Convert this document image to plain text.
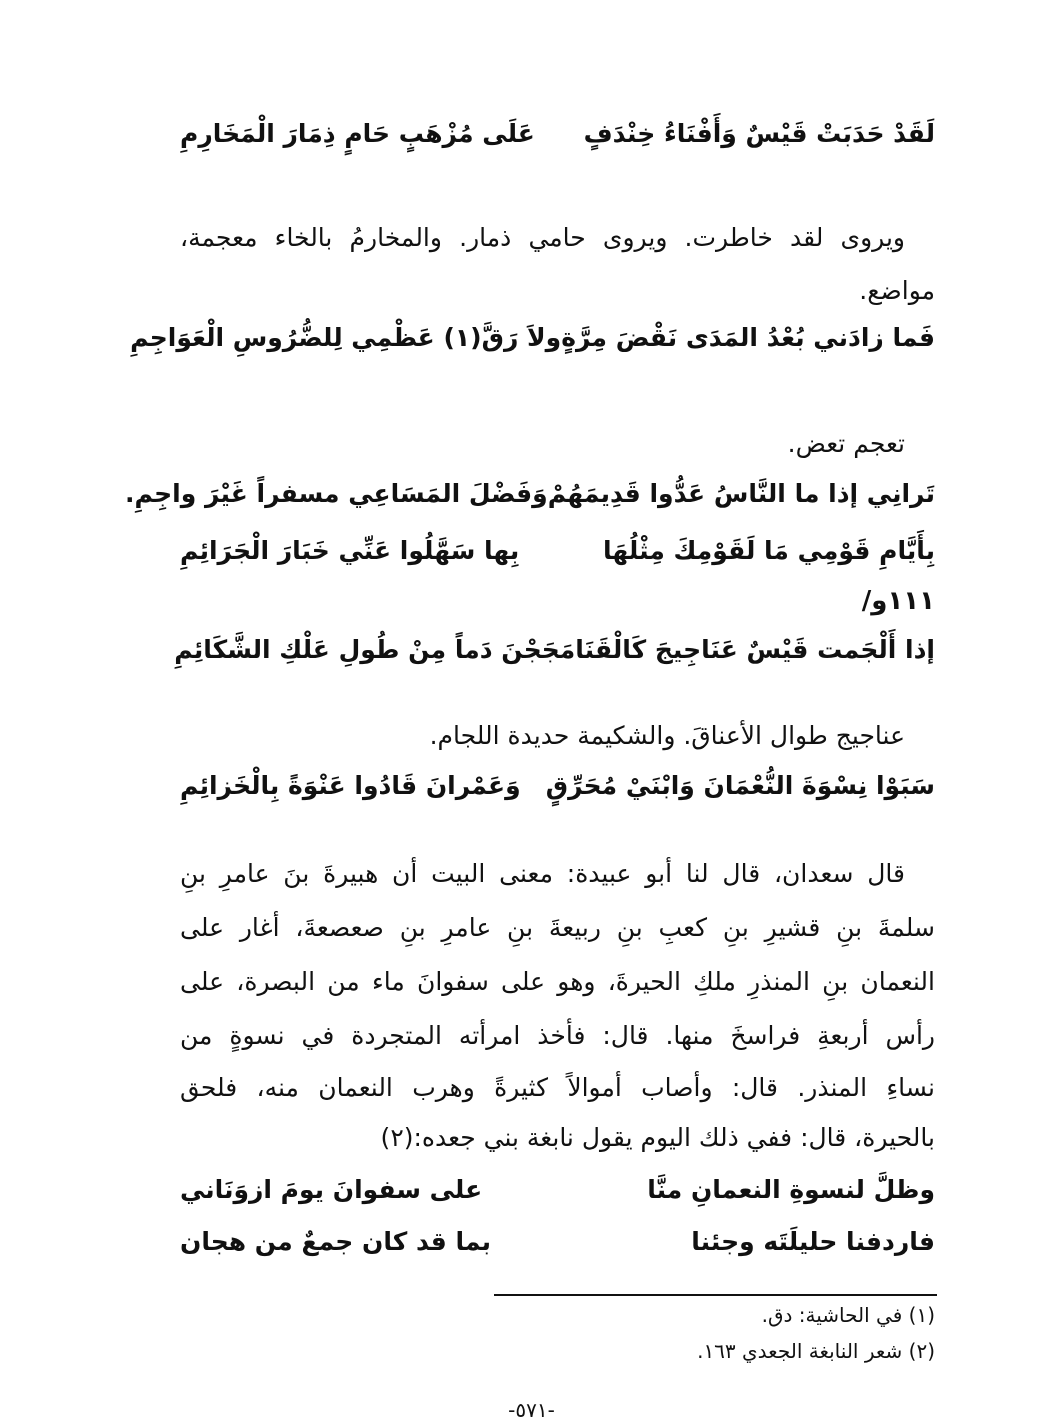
لَقَدْ حَدَبَتْ قَيْسٌ وَأَفْنَاءُ خِنْدَفٍ
عَلَى مُزْهَبٍ حَامٍ ذِمَارَ الْمَخَارِمِ
ويروى لقد خاطرت. ويروى حامي ذمار. والمخارمُ بالخاء معجمة،
مواضع.
فَما زادَني بُعْدُ المَدَى نَقْضَ مِرَّةٍ
ولاَ رَقَّ(١) عَظْمِي لِلضُّرُوسِ الْعَوَاجِمِ
تعجم تعض.
تَرانِي إذا ما النَّاسُ عَدُّوا قَدِيمَهُمْ
وَفَضْلَ المَسَاعِي مسفراً غَيْرَ واجِمِ.
بِأَيَّامِ قَوْمِي مَا لَقَوْمِكَ مِثْلُهَا
بِها سَهَّلُوا عَنِّي خَبَارَ الْجَرَائِمِ
١١١و/
إذا أَلْجَمت قَيْسٌ عَنَاجِيجَ كَالْقَنَا
مَجَجْنَ دَماً مِنْ طُولِ عَلْكِ الشَّكَائِمِ
عناجيج طوال الأعناقَ. والشكيمة حديدة اللجام.
سَبَوْا نِسْوَةَ النُّعْمَانَ وَابْنَيْ مُحَرِّقٍ
وَعَمْرانَ قَادُوا عَنْوَةً بِالْخَزائِمِ
قال سعدان، قال لنا أبو عبيدة: معنى البيت أن هبيرةَ بنَ عامرِ بنِ
سلمةَ بنِ قشيرِ بنِ كعبِ بنِ ربيعةَ بنِ عامرِ بنِ صعصعةَ، أغار على
النعمان بنِ المنذرِ ملكِ الحيرةَ، وهو على سفوانَ ماء من البصرة، على
رأس أربعةِ فراسخَ منها. قال: فأخذ امرأته المتجردة في نسوةٍ من
نساءِ المنذر. قال: وأصاب أموالاً كثيرةً وهرب النعمان منه، فلحق
بالحيرة، قال: ففي ذلك اليوم يقول نابغة بني جعده:(٢)
وظلَّ لنسوةِ النعمانِ منَّا
على سفوانَ يومَ ازوَنَاني
فاردفنا حليلَتَه وجئنا
بما قد كان جمعٌ من هجان
(١) في الحاشية: دق.
(٢) شعر النابغة الجعدي ١٦٣.
-٥٧١-
